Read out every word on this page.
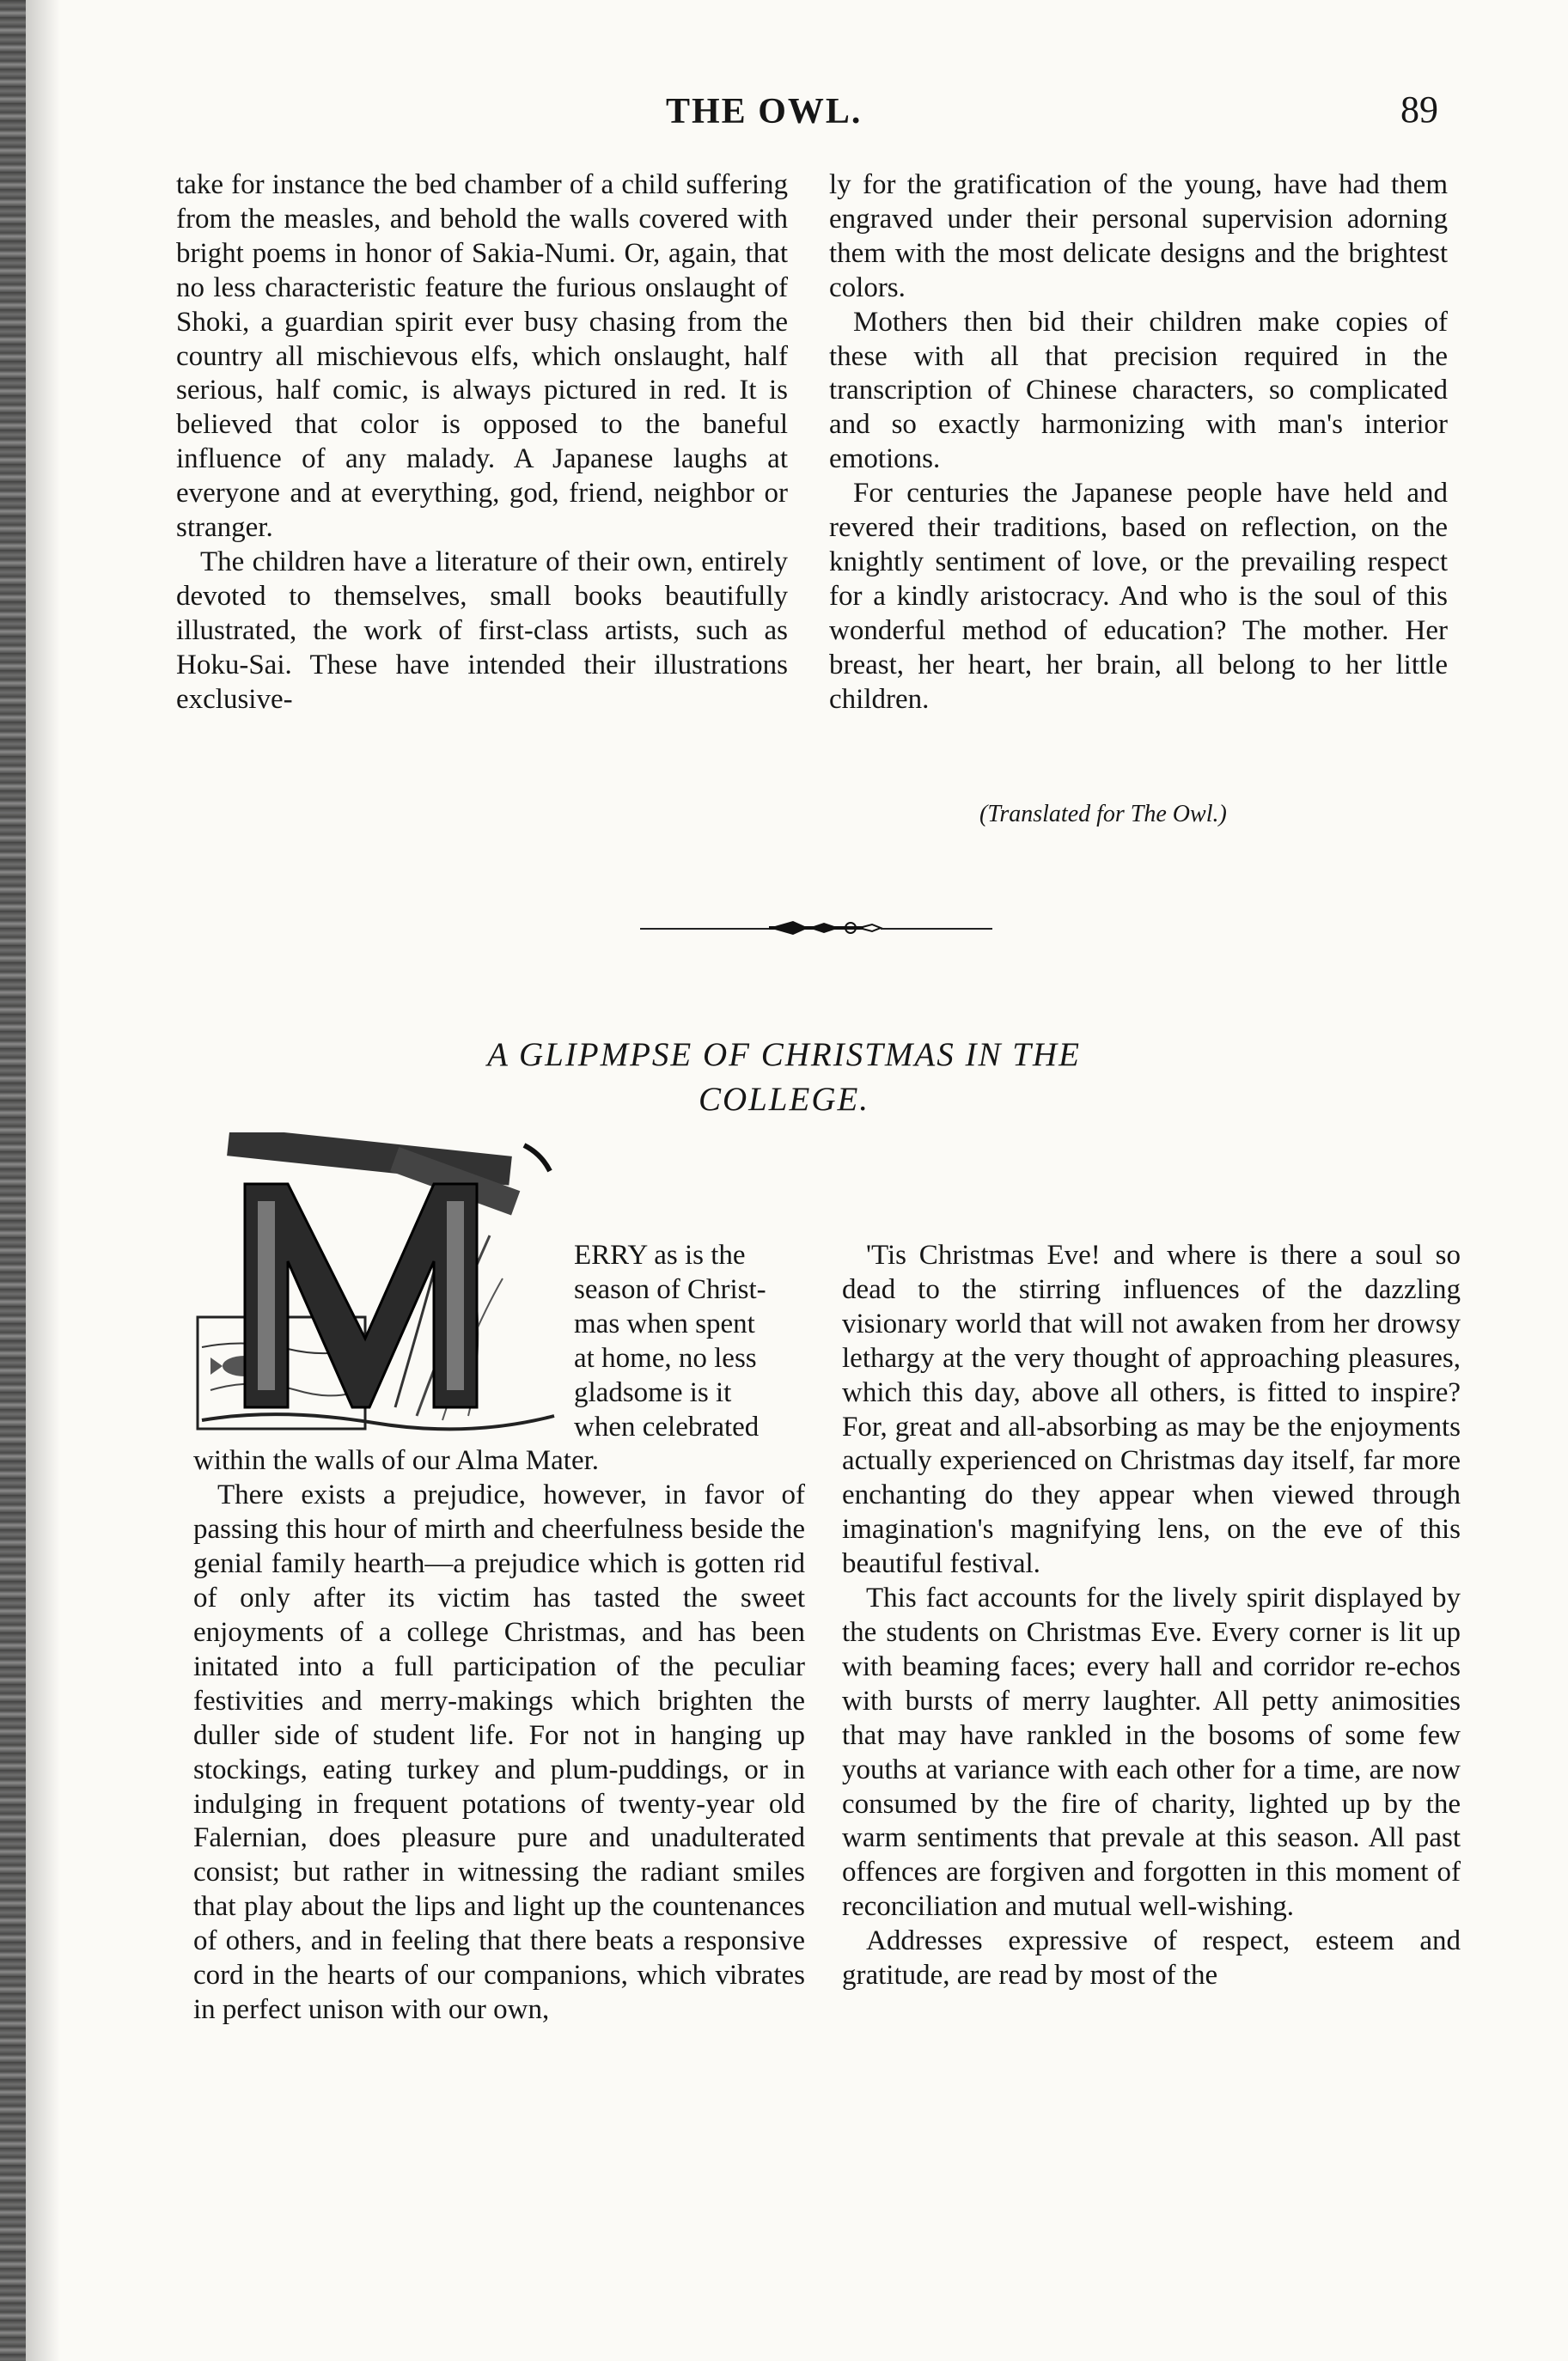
THE OWL.	89

take for instance the bed chamber of a child suffering from the measles, and behold the walls covered with bright poems in honor of Sakia-Numi. Or, again, that no less characteristic feature the furious onslaught of Shoki, a guardian spirit ever busy chasing from the country all mischievous elfs, which onslaught, half serious, half comic, is always pictured in red. It is believed that color is opposed to the baneful influence of any malady. A Japanese laughs at everyone and at everything, god, friend, neighbor or stranger.

The children have a literature of their own, entirely devoted to themselves, small books beautifully illustrated, the work of first-class artists, such as Hoku-Sai. These have intended their illustrations exclusive-

ly for the gratification of the young, have had them engraved under their personal supervision adorning them with the most delicate designs and the brightest colors.

Mothers then bid their children make copies of these with all that precision required in the transcription of Chinese characters, so complicated and so exactly harmonizing with man's interior emotions.

For centuries the Japanese people have held and revered their traditions, based on reflection, on the knightly sentiment of love, or the prevailing respect for a kindly aristocracy. And who is the soul of this wonderful method of education? The mother. Her breast, her heart, her brain, all belong to her little children.

(Translated for The Owl.)
A GLIPMPSE OF CHRISTMAS IN THE
COLLEGE.
M
ERRY as is the
season of Christ-
mas when spent
at home, no less
gladsome is it
when celebrated

within the walls of our Alma Mater.

There exists a prejudice, however, in favor of passing this hour of mirth and cheerfulness beside the genial family hearth—a prejudice which is gotten rid of only after its victim has tasted the sweet enjoyments of a college Christmas, and has been initated into a full participation of the peculiar festivities and merry-makings which brighten the duller side of student life. For not in hanging up stockings, eating turkey and plum-puddings, or in indulging in frequent potations of twenty-year old Falernian, does pleasure pure and unadulterated consist; but rather in witnessing the radiant smiles that play about the lips and light up the countenances of others, and in feeling that there beats a responsive cord in the hearts of our companions, which vibrates in perfect unison with our own,

'Tis Christmas Eve! and where is there a soul so dead to the stirring influences of the dazzling visionary world that will not awaken from her drowsy lethargy at the very thought of approaching pleasures, which this day, above all others, is fitted to inspire? For, great and all-absorbing as may be the enjoyments actually experienced on Christmas day itself, far more enchanting do they appear when viewed through imagination's magnifying lens, on the eve of this beautiful festival.

This fact accounts for the lively spirit displayed by the students on Christmas Eve. Every corner is lit up with beaming faces; every hall and corridor re-echos with bursts of merry laughter. All petty animosities that may have rankled in the bosoms of some few youths at variance with each other for a time, are now consumed by the fire of charity, lighted up by the warm sentiments that prevale at this season. All past offences are forgiven and forgotten in this moment of reconciliation and mutual well-wishing.

Addresses expressive of respect, esteem and gratitude, are read by most of the
